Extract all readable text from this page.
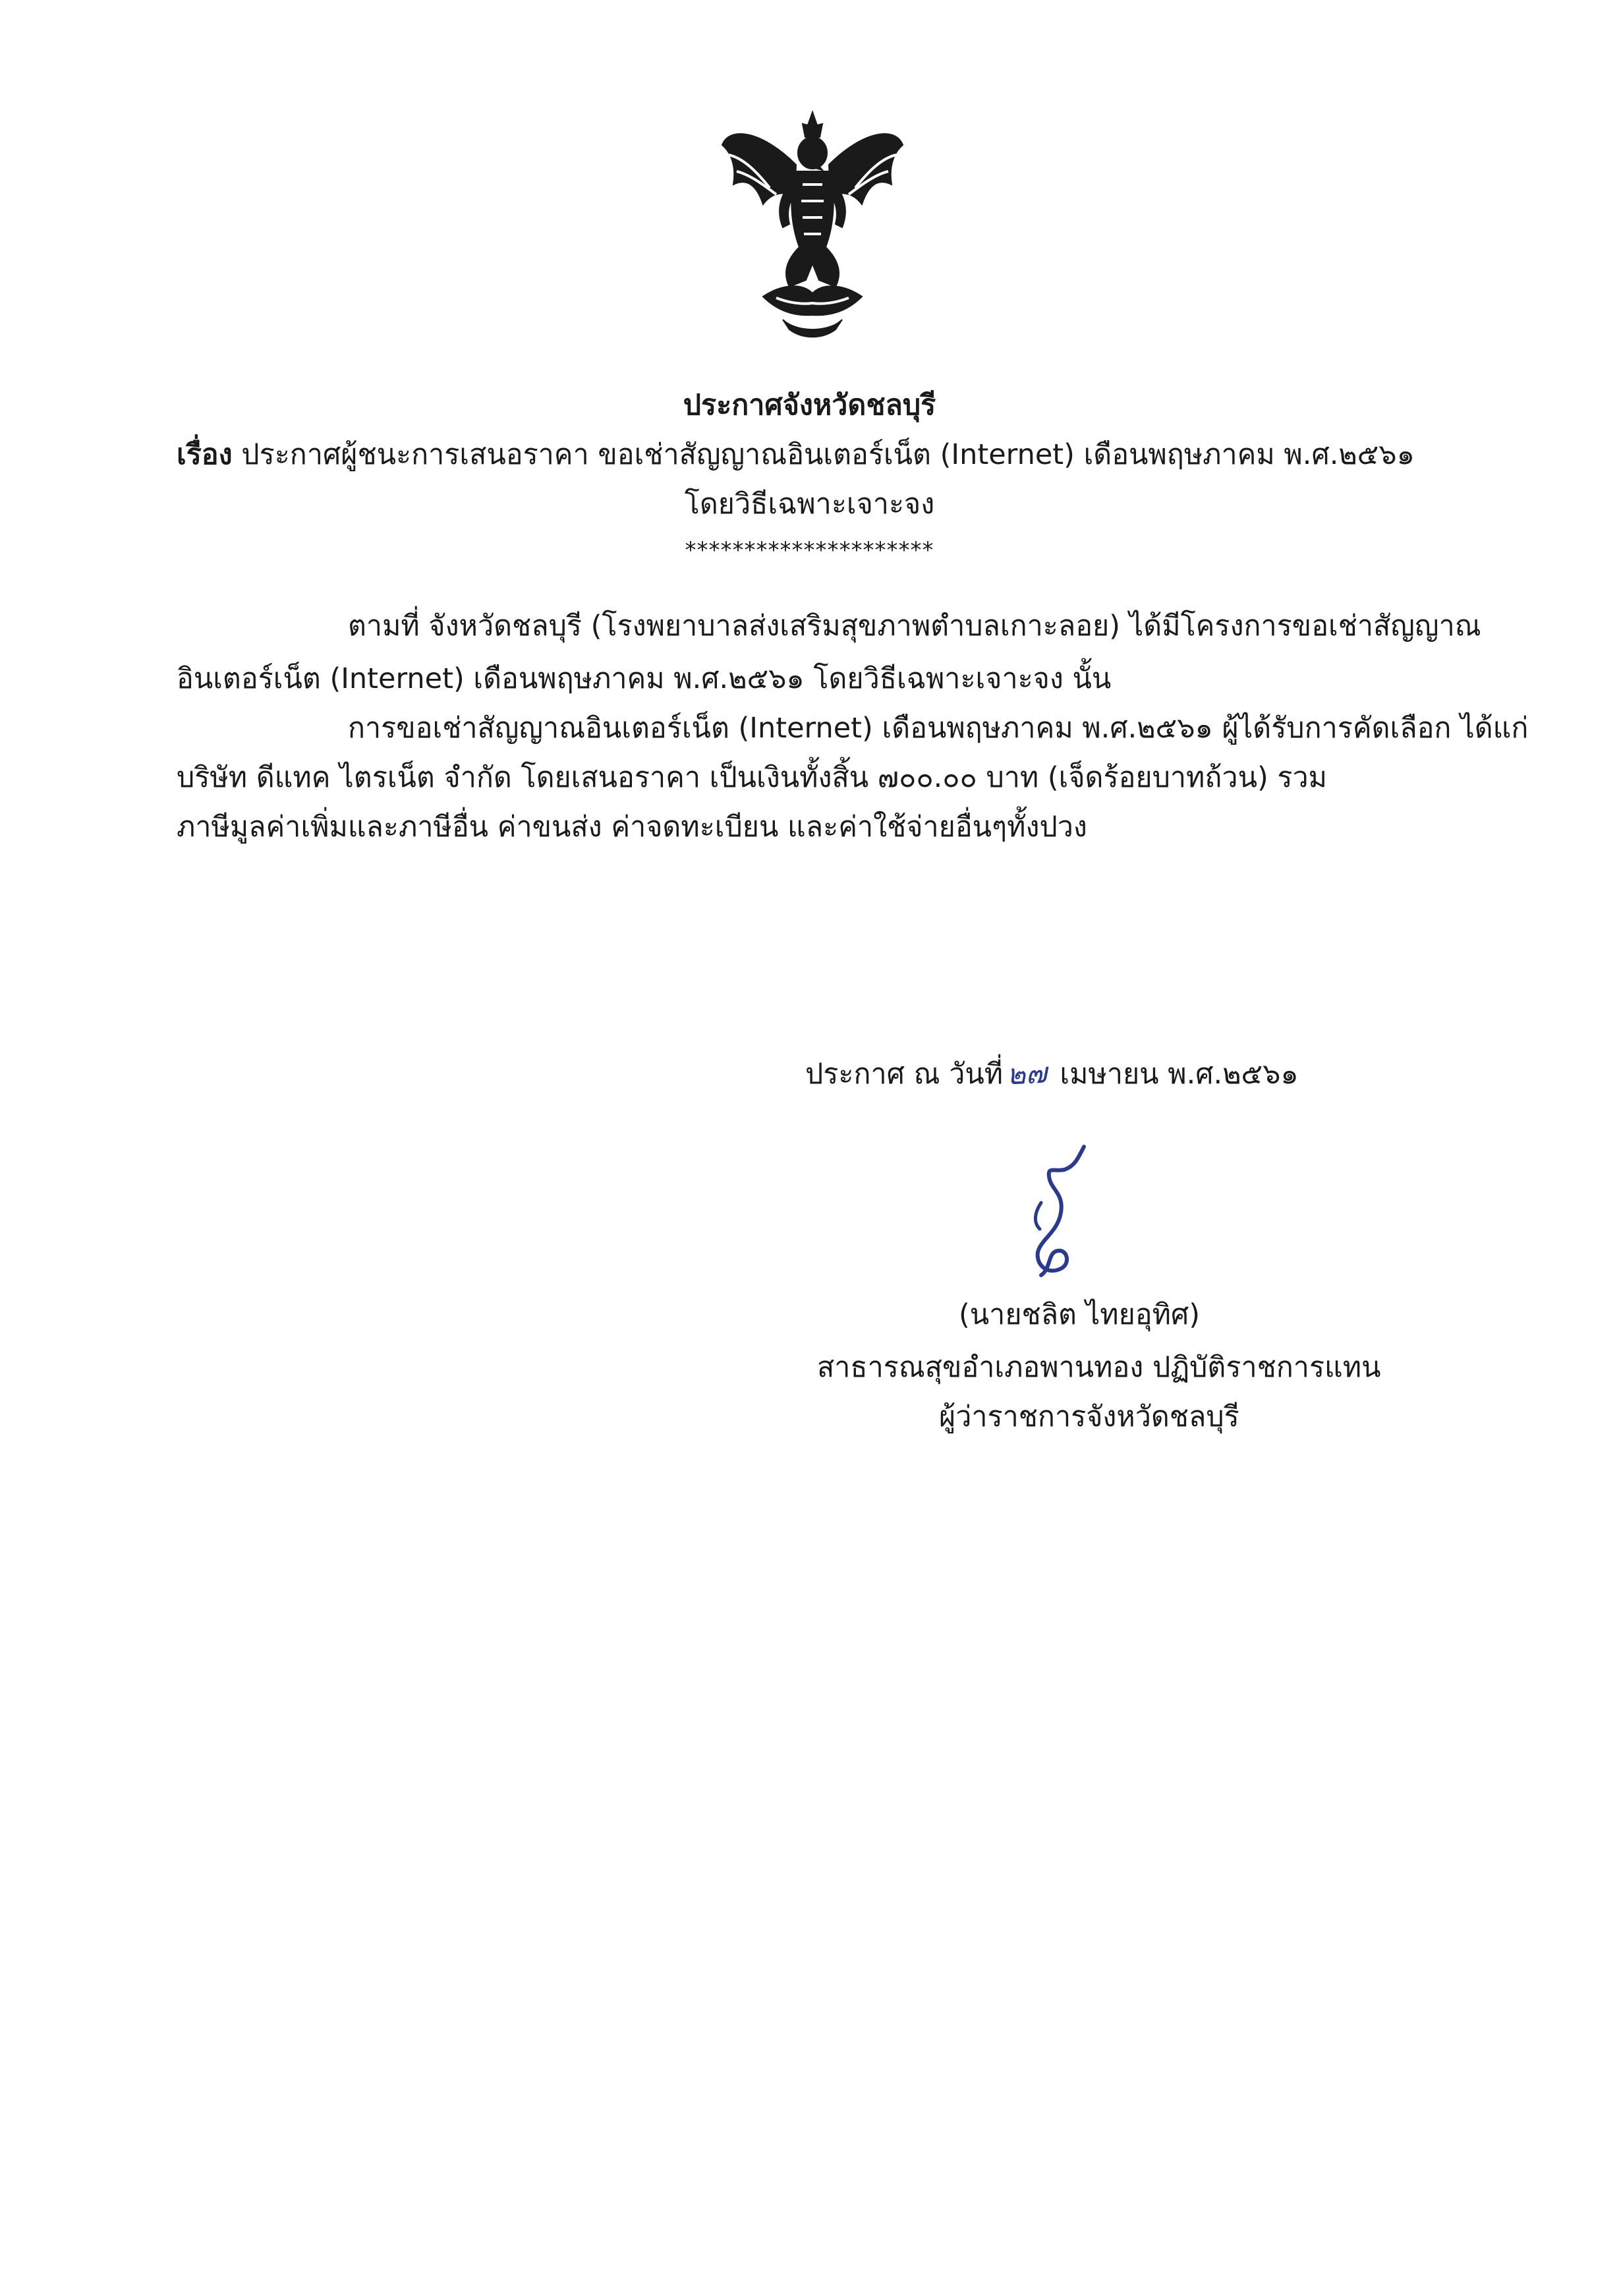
ประกาศจังหวัดชลบุรี
เรื่อง ประกาศผู้ชนะการเสนอราคา ขอเช่าสัญญาณอินเตอร์เน็ต (Internet) เดือนพฤษภาคม พ.ศ.๒๕๖๑
โดยวิธีเฉพาะเจาะจง
*********************
ตามที่ จังหวัดชลบุรี (โรงพยาบาลส่งเสริมสุขภาพตำบลเกาะลอย) ได้มีโครงการขอเช่าสัญญาณ
อินเตอร์เน็ต (Internet) เดือนพฤษภาคม พ.ศ.๒๕๖๑ โดยวิธีเฉพาะเจาะจง นั้น
การขอเช่าสัญญาณอินเตอร์เน็ต (Internet) เดือนพฤษภาคม พ.ศ.๒๕๖๑ ผู้ได้รับการคัดเลือก ได้แก่
บริษัท ดีแทค ไตรเน็ต จำกัด โดยเสนอราคา เป็นเงินทั้งสิ้น ๗๐๐.๐๐ บาท (เจ็ดร้อยบาทถ้วน) รวม
ภาษีมูลค่าเพิ่มและภาษีอื่น ค่าขนส่ง ค่าจดทะเบียน และค่าใช้จ่ายอื่นๆทั้งปวง
ประกาศ ณ วันที่ ๒๗ เมษายน พ.ศ.๒๕๖๑
(นายชลิต ไทยอุทิศ)
สาธารณสุขอำเภอพานทอง ปฏิบัติราชการแทน
ผู้ว่าราชการจังหวัดชลบุรี
